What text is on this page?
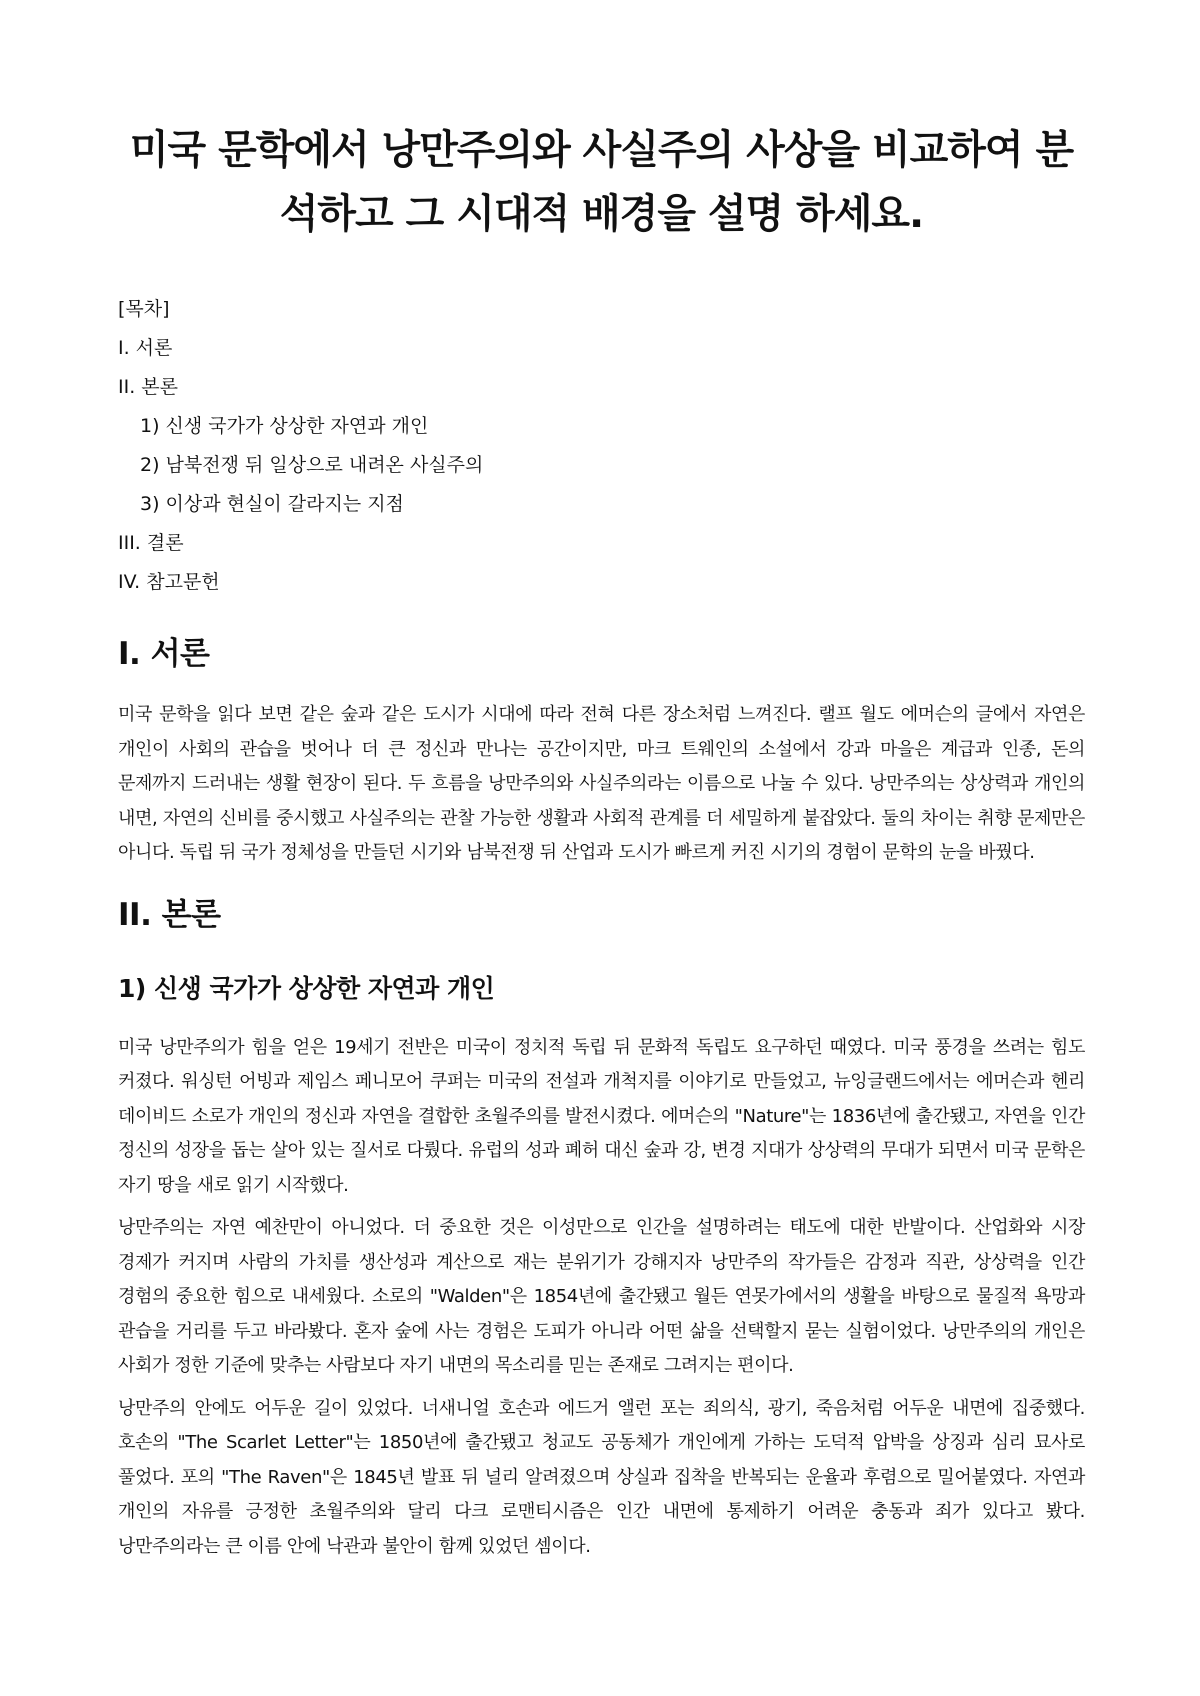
미국 문학에서 낭만주의와 사실주의 사상을 비교하여 분석하고 그 시대적 배경을 설명 하세요.
[목차]
I. 서론
II. 본론
1) 신생 국가가 상상한 자연과 개인
2) 남북전쟁 뒤 일상으로 내려온 사실주의
3) 이상과 현실이 갈라지는 지점
III. 결론
IV. 참고문헌
I. 서론

미국 문학을 읽다 보면 같은 숲과 같은 도시가 시대에 따라 전혀 다른 장소처럼 느껴진다. 랠프 월도 에머슨의 글에서 자연은 개인이 사회의 관습을 벗어나 더 큰 정신과 만나는 공간이지만, 마크 트웨인의 소설에서 강과 마을은 계급과 인종, 돈의 문제까지 드러내는 생활 현장이 된다. 두 흐름을 낭만주의와 사실주의라는 이름으로 나눌 수 있다. 낭만주의는 상상력과 개인의 내면, 자연의 신비를 중시했고 사실주의는 관찰 가능한 생활과 사회적 관계를 더 세밀하게 붙잡았다. 둘의 차이는 취향 문제만은 아니다. 독립 뒤 국가 정체성을 만들던 시기와 남북전쟁 뒤 산업과 도시가 빠르게 커진 시기의 경험이 문학의 눈을 바꿨다.

II. 본론
1) 신생 국가가 상상한 자연과 개인

미국 낭만주의가 힘을 얻은 19세기 전반은 미국이 정치적 독립 뒤 문화적 독립도 요구하던 때였다. 미국 풍경을 쓰려는 힘도 커졌다. 워싱턴 어빙과 제임스 페니모어 쿠퍼는 미국의 전설과 개척지를 이야기로 만들었고, 뉴잉글랜드에서는 에머슨과 헨리 데이비드 소로가 개인의 정신과 자연을 결합한 초월주의를 발전시켰다. 에머슨의 "Nature"는 1836년에 출간됐고, 자연을 인간 정신의 성장을 돕는 살아 있는 질서로 다뤘다. 유럽의 성과 폐허 대신 숲과 강, 변경 지대가 상상력의 무대가 되면서 미국 문학은 자기 땅을 새로 읽기 시작했다.

낭만주의는 자연 예찬만이 아니었다. 더 중요한 것은 이성만으로 인간을 설명하려는 태도에 대한 반발이다. 산업화와 시장 경제가 커지며 사람의 가치를 생산성과 계산으로 재는 분위기가 강해지자 낭만주의 작가들은 감정과 직관, 상상력을 인간 경험의 중요한 힘으로 내세웠다. 소로의 "Walden"은 1854년에 출간됐고 월든 연못가에서의 생활을 바탕으로 물질적 욕망과 관습을 거리를 두고 바라봤다. 혼자 숲에 사는 경험은 도피가 아니라 어떤 삶을 선택할지 묻는 실험이었다. 낭만주의의 개인은 사회가 정한 기준에 맞추는 사람보다 자기 내면의 목소리를 믿는 존재로 그려지는 편이다.

낭만주의 안에도 어두운 길이 있었다. 너새니얼 호손과 에드거 앨런 포는 죄의식, 광기, 죽음처럼 어두운 내면에 집중했다. 호손의 "The Scarlet Letter"는 1850년에 출간됐고 청교도 공동체가 개인에게 가하는 도덕적 압박을 상징과 심리 묘사로 풀었다. 포의 "The Raven"은 1845년 발표 뒤 널리 알려졌으며 상실과 집착을 반복되는 운율과 후렴으로 밀어붙였다. 자연과 개인의 자유를 긍정한 초월주의와 달리 다크 로맨티시즘은 인간 내면에 통제하기 어려운 충동과 죄가 있다고 봤다. 낭만주의라는 큰 이름 안에 낙관과 불안이 함께 있었던 셈이다.
